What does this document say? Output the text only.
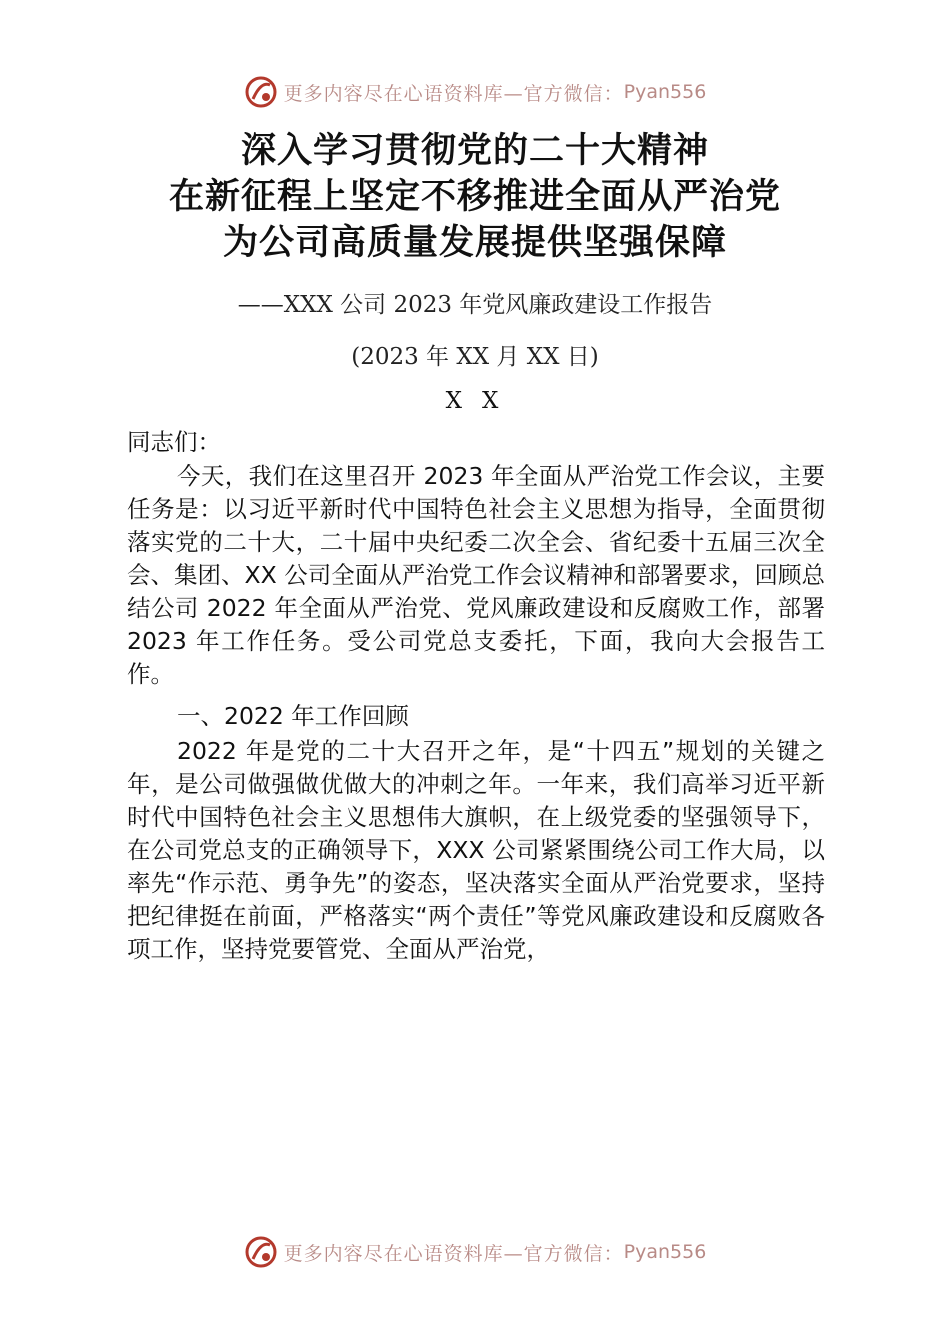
更多内容尽在心语资料库—官方微信： Pyan556
深入学习贯彻党的二十大精神
在新征程上坚定不移推进全面从严治党
为公司高质量发展提供坚强保障
——XXX 公司 2023 年党风廉政建设工作报告
(2023 年 XX 月 XX 日)
XX
同志们：
今天，我们在这里召开 2023 年全面从严治党工作会议，主要任务是：以习近平新时代中国特色社会主义思想为指导，全面贯彻落实党的二十大，二十届中央纪委二次全会、省纪委十五届三次全会、集团、XX 公司全面从严治党工作会议精神和部署要求，回顾总结公司 2022 年全面从严治党、党风廉政建设和反腐败工作，部署 2023 年工作任务。受公司党总支委托，下面，我向大会报告工作。
一、2022 年工作回顾
2022 年是党的二十大召开之年，是“十四五”规划的关键之年，是公司做强做优做大的冲刺之年。一年来，我们高举习近平新时代中国特色社会主义思想伟大旗帜，在上级党委的坚强领导下，在公司党总支的正确领导下，XXX 公司紧紧围绕公司工作大局，以率先“作示范、勇争先”的姿态，坚决落实全面从严治党要求，坚持把纪律挺在前面，严格落实“两个责任”等党风廉政建设和反腐败各项工作，坚持党要管党、全面从严治党，
更多内容尽在心语资料库—官方微信： Pyan556
